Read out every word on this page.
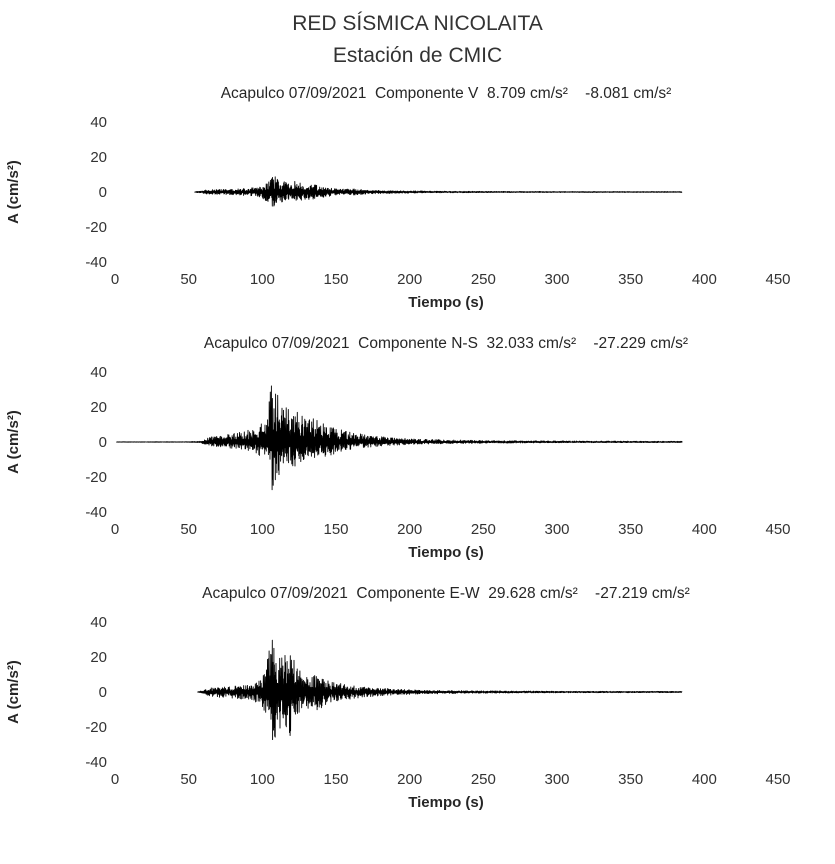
RED SÍSMICA NICOLAITA
Estación de CMIC
Acapulco 07/09/2021  Componente V  8.709 cm/s²    -8.081 cm/s²
A (cm/s²)
Tiempo (s)
0	50	100	150	200	250	300	350	400	450
40
20
0
-20
-40
Acapulco 07/09/2021  Componente N-S  32.033 cm/s²    -27.229 cm/s²
A (cm/s²)
Tiempo (s)
0	50	100	150	200	250	300	350	400	450
40
20
0
-20
-40
Acapulco 07/09/2021  Componente E-W  29.628 cm/s²    -27.219 cm/s²
A (cm/s²)
Tiempo (s)
0	50	100	150	200	250	300	350	400	450
40
20
0
-20
-40
